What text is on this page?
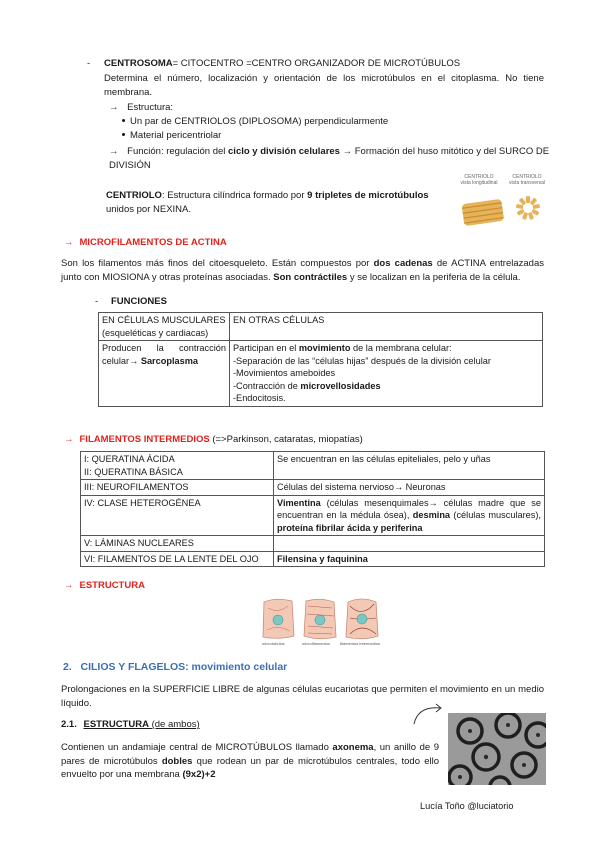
- CENTROSOMA= CITOCENTRO =CENTRO ORGANIZADOR DE MICROTÚBULOS
Determina el número, localización y orientación de los microtúbulos en el citoplasma. No tiene membrana.
→ Estructura:
Un par de CENTRIOLOS (DIPLOSOMA) perpendicularmente
Material pericentriolar
→ Función: regulación del ciclo y división celulares → Formación del huso mitótico y del SURCO DE DIVISIÓN
CENTRIOLO: Estructura cilíndrica formado por 9 tripletes de microtúbulos unidos por NEXINA.
CENTRIOLO
vista longitudinal
CENTRIOLO
vista transversal
→ MICROFILAMENTOS DE ACTINA
Son los filamentos más finos del citoesqueleto. Están compuestos por dos cadenas de ACTINA entrelazadas junto con MIOSIONA y otras proteínas asociadas. Son contráctiles y se localizan en la periferia de la célula.
- FUNCIONES
EN CÉLULAS MUSCULARES (esqueléticas y cardiacas)	EN OTRAS CÉLULAS
Producen la contracción celular→ Sarcoplasma	Participan en el movimiento de la membrana celular:
-Separación de las “células hijas” después de la división celular
-Movimientos ameboides
-Contracción de microvellosidades
-Endocitosis.
→ FILAMENTOS INTERMEDIOS (=>Parkinson, cataratas, miopatías)
I: QUERATINA ÁCIDA
II: QUERATINA BÁSICA	Se encuentran en las células epiteliales, pelo y uñas
III: NEUROFILAMENTOS	Células del sistema nervioso→ Neuronas
IV: CLASE HETEROGÉNEA	Vimentina (células mesenquimales→ células madre que se encuentran en la médula ósea), desmina (células musculares), proteína fibrilar ácida y periferina
V: LÁMINAS NUCLEARES	
VI: FILAMENTOS DE LA LENTE DEL OJO	Filensina y faquinina
→ ESTRUCTURA
microtúbulos	microfilamentos filamentos intermedios
2.   CILIOS Y FLAGELOS: movimiento celular
Prolongaciones en la SUPERFICIE LIBRE de algunas células eucariotas que permiten el movimiento en un medio líquido.
2.1. ESTRUCTURA (de ambos)
Contienen un andamiaje central de MICROTÚBULOS llamado axonema, un anillo de 9 pares de microtúbulos dobles que rodean un par de microtúbulos centrales, todo ello envuelto por una membrana (9x2)+2
Lucía Toño @luciatorio
